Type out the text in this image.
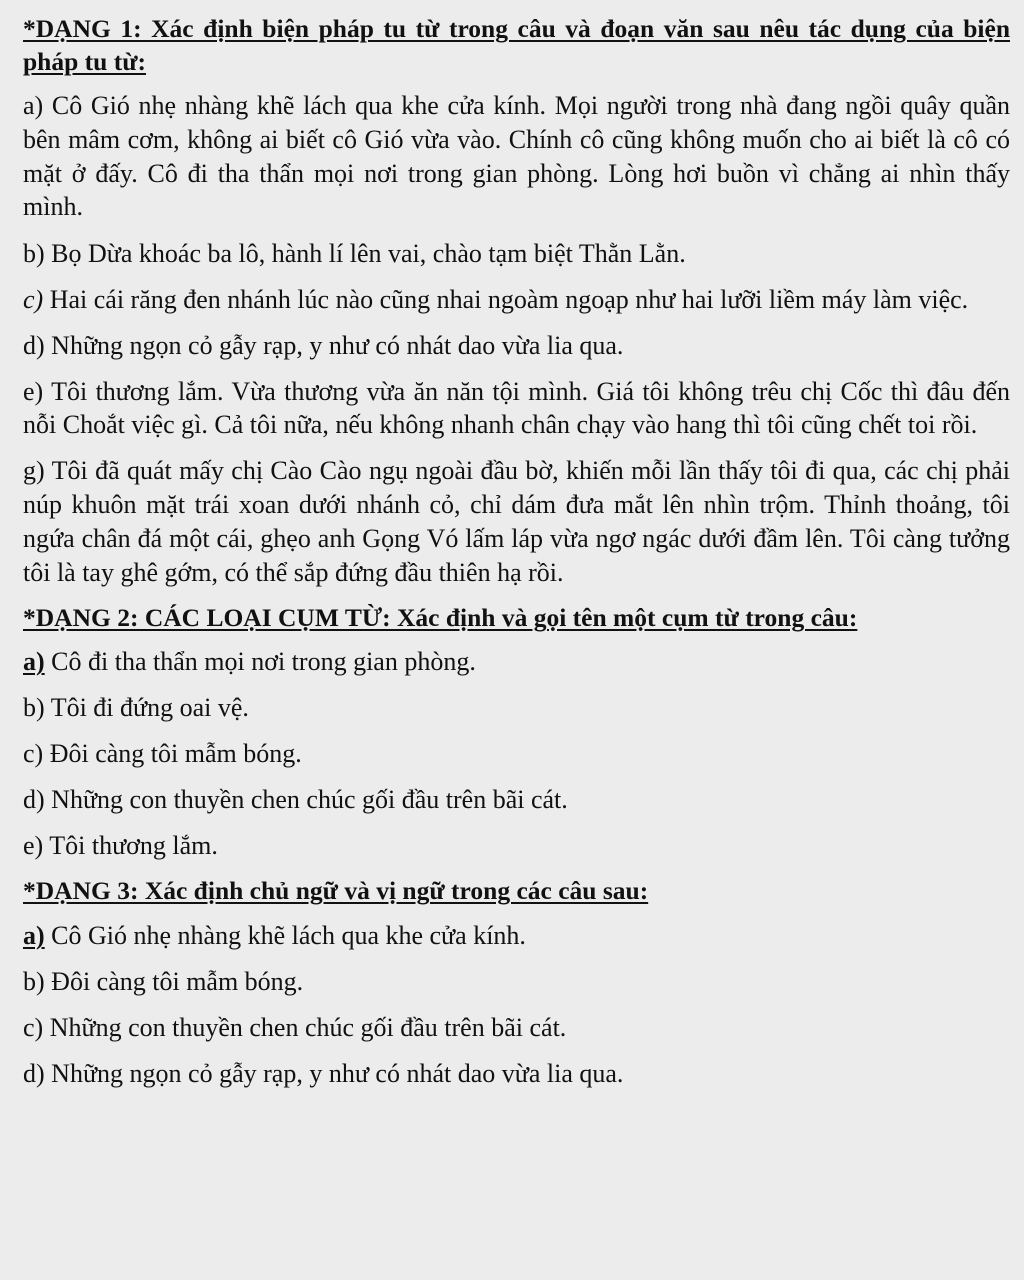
*DẠNG 1: Xác định biện pháp tu từ trong câu và đoạn văn sau nêu tác dụng của biện pháp tu từ:

a) Cô Gió nhẹ nhàng khẽ lách qua khe cửa kính. Mọi người trong nhà đang ngồi quây quần bên mâm cơm, không ai biết cô Gió vừa vào. Chính cô cũng không muốn cho ai biết là cô có mặt ở đấy. Cô đi tha thẩn mọi nơi trong gian phòng. Lòng hơi buồn vì chẳng ai nhìn thấy mình.

b) Bọ Dừa khoác ba lô, hành lí lên vai, chào tạm biệt Thằn Lằn.

c) Hai cái răng đen nhánh lúc nào cũng nhai ngoàm ngoạp như hai lưỡi liềm máy làm việc.

d) Những ngọn cỏ gẫy rạp, y như có nhát dao vừa lia qua.

e) Tôi thương lắm. Vừa thương vừa ăn năn tội mình. Giá tôi không trêu chị Cốc thì đâu đến nỗi Choắt việc gì. Cả tôi nữa, nếu không nhanh chân chạy vào hang thì tôi cũng chết toi rồi.

g) Tôi đã quát mấy chị Cào Cào ngụ ngoài đầu bờ, khiến mỗi lần thấy tôi đi qua, các chị phải núp khuôn mặt trái xoan dưới nhánh cỏ, chỉ dám đưa mắt lên nhìn trộm. Thỉnh thoảng, tôi ngứa chân đá một cái, ghẹo anh Gọng Vó lấm láp vừa ngơ ngác dưới đầm lên. Tôi càng tưởng tôi là tay ghê gớm, có thể sắp đứng đầu thiên hạ rồi.

*DẠNG 2: CÁC LOẠI CỤM TỪ: Xác định và gọi tên một cụm từ trong câu:

a) Cô đi tha thẩn mọi nơi trong gian phòng.

b) Tôi đi đứng oai vệ.

c) Đôi càng tôi mẫm bóng.

d) Những con thuyền chen chúc gối đầu trên bãi cát.

e) Tôi thương lắm.

*DẠNG 3: Xác định chủ ngữ và vị ngữ trong các câu sau:

a) Cô Gió nhẹ nhàng khẽ lách qua khe cửa kính.

b) Đôi càng tôi mẫm bóng.

c) Những con thuyền chen chúc gối đầu trên bãi cát.

d) Những ngọn cỏ gẫy rạp, y như có nhát dao vừa lia qua.
